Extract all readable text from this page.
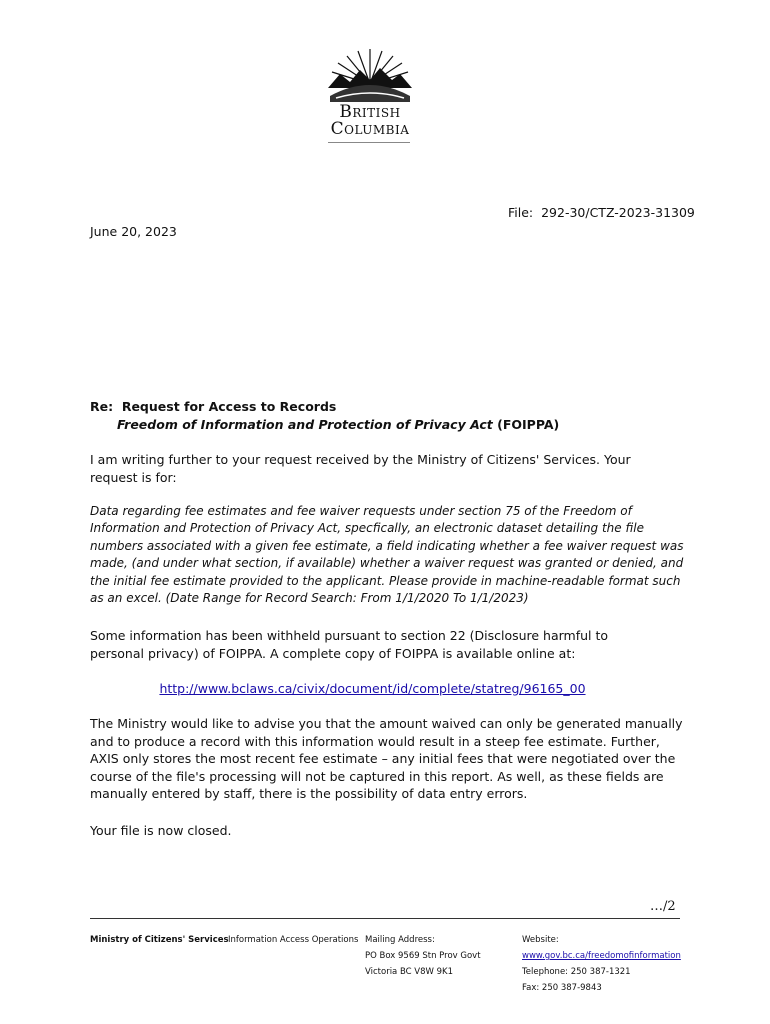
British
Columbia
File: 292-30/CTZ-2023-31309
June 20, 2023
Re: Request for Access to Records
Freedom of Information and Protection of Privacy Act (FOIPPA)
I am writing further to your request received by the Ministry of Citizens' Services. Your request is for:
Data regarding fee estimates and fee waiver requests under section 75 of the Freedom of Information and Protection of Privacy Act, specfically, an electronic dataset detailing the file numbers associated with a given fee estimate, a field indicating whether a fee waiver request was made, (and under what section, if available) whether a waiver request was granted or denied, and the initial fee estimate provided to the applicant. Please provide in machine-readable format such as an excel. (Date Range for Record Search: From 1/1/2020 To 1/1/2023)
Some information has been withheld pursuant to section 22 (Disclosure harmful to personal privacy) of FOIPPA. A complete copy of FOIPPA is available online at:
http://www.bclaws.ca/civix/document/id/complete/statreg/96165_00
The Ministry would like to advise you that the amount waived can only be generated manually and to produce a record with this information would result in a steep fee estimate. Further, AXIS only stores the most recent fee estimate – any initial fees that were negotiated over the course of the file's processing will not be captured in this report. As well, as these fields are manually entered by staff, there is the possibility of data entry errors.
Your file is now closed.
…/2
Ministry of Citizens' Services Information Access Operations Mailing Address:
PO Box 9569 Stn Prov Govt
Victoria BC V8W 9K1
Website:
www.gov.bc.ca/freedomofinformation
Telephone: 250 387-1321
Fax: 250 387-9843
